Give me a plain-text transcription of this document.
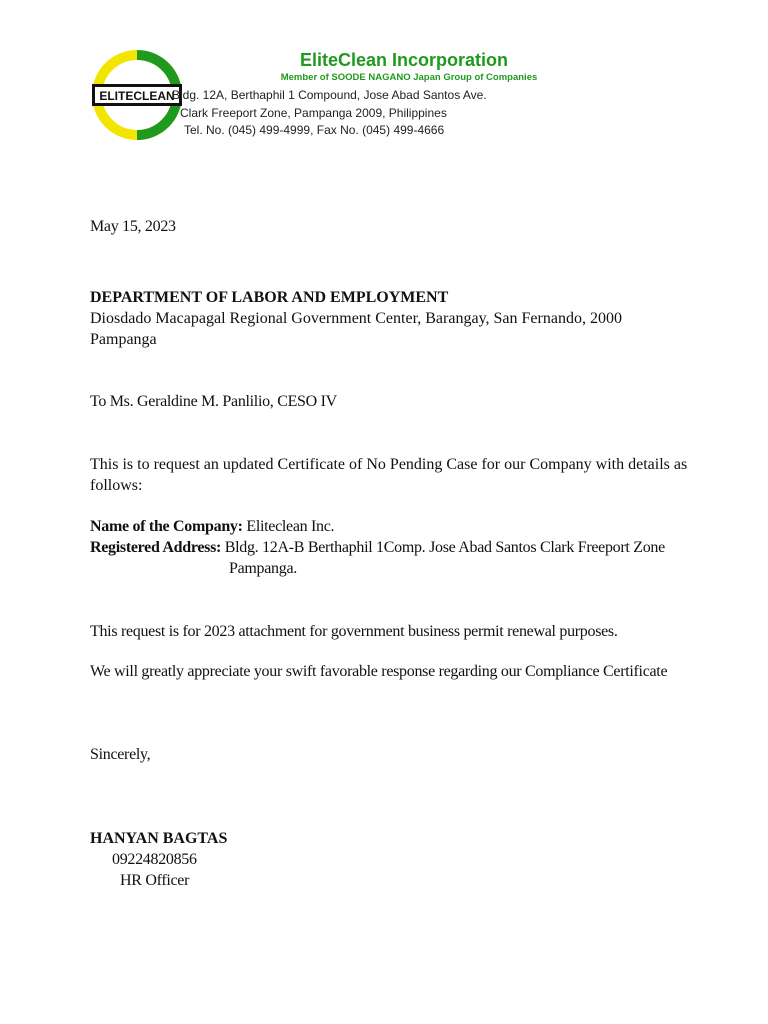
ELITECLEAN
EliteClean Incorporation
Member of SOODE NAGANO Japan Group of Companies
Bldg. 12A, Berthaphil 1 Compound, Jose Abad Santos Ave.
Clark Freeport Zone, Pampanga 2009, Philippines
Tel. No. (045) 499-4999, Fax No. (045) 499-4666

May 15, 2023

DEPARTMENT OF LABOR AND EMPLOYMENT

Diosdado Macapagal Regional Government Center, Barangay, San Fernando, 2000 Pampanga

To Ms. Geraldine M. Panlilio, CESO IV

This is to request an updated Certificate of No Pending Case for our Company with details as follows:

Name of the Company: Eliteclean Inc.

Registered Address: Bldg. 12A-B Berthaphil 1Comp. Jose Abad Santos Clark Freeport Zone

Pampanga.

This request is for 2023 attachment for government business permit renewal purposes.

We will greatly appreciate your swift favorable response regarding our Compliance Certificate

Sincerely,

HANYAN BAGTAS

09224820856

HR Officer
